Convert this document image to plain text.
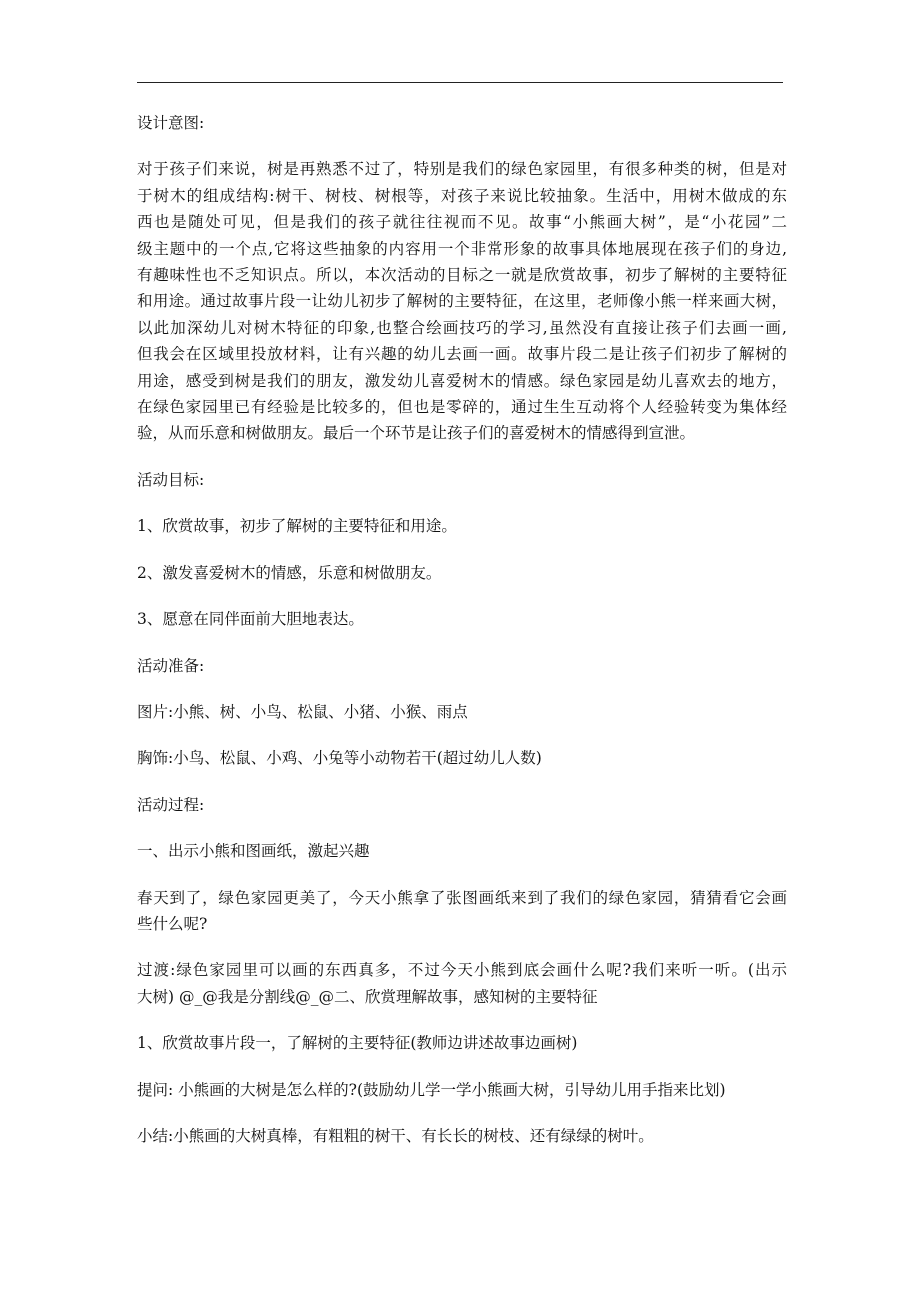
设计意图:

对于孩子们来说，树是再熟悉不过了，特别是我们的绿色家园里，有很多种类的树，但是对
于树木的组成结构:树干、树枝、树根等，对孩子来说比较抽象。生活中，用树木做成的东
西也是随处可见，但是我们的孩子就往往视而不见。故事“小熊画大树”，是“小花园”二
级主题中的一个点,它将这些抽象的内容用一个非常形象的故事具体地展现在孩子们的身边,
有趣味性也不乏知识点。所以，本次活动的目标之一就是欣赏故事，初步了解树的主要特征
和用途。通过故事片段一让幼儿初步了解树的主要特征，在这里，老师像小熊一样来画大树，
以此加深幼儿对树木特征的印象,也整合绘画技巧的学习,虽然没有直接让孩子们去画一画,
但我会在区域里投放材料，让有兴趣的幼儿去画一画。故事片段二是让孩子们初步了解树的
用途，感受到树是我们的朋友，激发幼儿喜爱树木的情感。绿色家园是幼儿喜欢去的地方，
在绿色家园里已有经验是比较多的，但也是零碎的，通过生生互动将个人经验转变为集体经
验，从而乐意和树做朋友。最后一个环节是让孩子们的喜爱树木的情感得到宣泄。

活动目标:

1、欣赏故事，初步了解树的主要特征和用途。

2、激发喜爱树木的情感，乐意和树做朋友。

3、愿意在同伴面前大胆地表达。

活动准备:

图片:小熊、树、小鸟、松鼠、小猪、小猴、雨点

胸饰:小鸟、松鼠、小鸡、小兔等小动物若干(超过幼儿人数)

活动过程:

一、出示小熊和图画纸，激起兴趣

春天到了，绿色家园更美了，今天小熊拿了张图画纸来到了我们的绿色家园，猜猜看它会画
些什么呢?

过渡:绿色家园里可以画的东西真多，不过今天小熊到底会画什么呢?我们来听一听。(出示
大树) @_@我是分割线@_@二、欣赏理解故事，感知树的主要特征

1、欣赏故事片段一，了解树的主要特征(教师边讲述故事边画树)

提问: 小熊画的大树是怎么样的?(鼓励幼儿学一学小熊画大树，引导幼儿用手指来比划)

小结:小熊画的大树真棒，有粗粗的树干、有长长的树枝、还有绿绿的树叶。
